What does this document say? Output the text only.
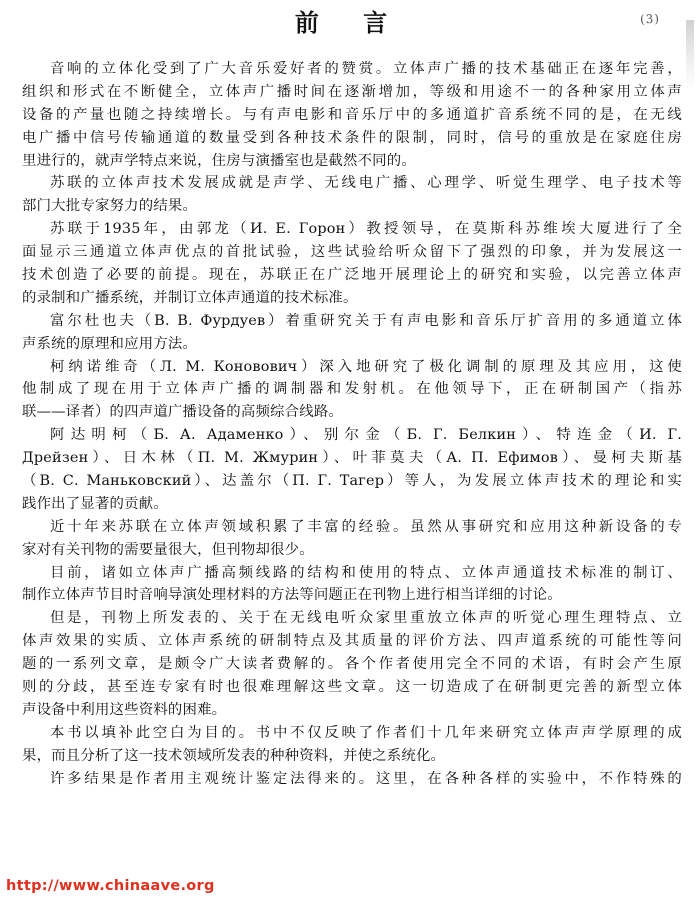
前 言	(3)
音响的立体化受到了广大音乐爱好者的赞赏。立体声广播的技术基础正在逐年完善，
组织和形式在不断健全，立体声广播时间在逐渐增加，等级和用途不一的各种家用立体声
设备的产量也随之持续增长。与有声电影和音乐厅中的多通道扩音系统不同的是，在无线
电广播中信号传输通道的数量受到各种技术条件的限制，同时，信号的重放是在家庭住房
里进行的，就声学特点来说，住房与演播室也是截然不同的。
苏联的立体声技术发展成就是声学、无线电广播、心理学、听觉生理学、电子技术等
部门大批专家努力的结果。
苏联于1935年，由郭龙（И. Е. Горон）教授领导，在莫斯科苏维埃大厦进行了全
面显示三通道立体声优点的首批试验，这些试验给听众留下了强烈的印象，并为发展这一
技术创造了必要的前提。现在，苏联正在广泛地开展理论上的研究和实验，以完善立体声
的录制和广播系统，并制订立体声通道的技术标准。
富尔杜也夫（В. В. Фурдуев）着重研究关于有声电影和音乐厅扩音用的多通道立体
声系统的原理和应用方法。
柯纳诺维奇（Л. М. Коновович）深入地研究了极化调制的原理及其应用，这使
他制成了现在用于立体声广播的调制器和发射机。在他领导下，正在研制国产（指苏
联——译者）的四声道广播设备的高频综合线路。
阿达明柯（Б. А. Адаменко）、别尔金（Б. Г. Белкин）、特连金（И. Г.
Дрейзен）、日木林（П. М. Жмурин）、叶菲莫夫（А. П. Ефимов）、曼柯夫斯基
（В. С. Маньковский）、达盖尔（П. Г. Тагер）等人，为发展立体声技术的理论和实
践作出了显著的贡献。
近十年来苏联在立体声领域积累了丰富的经验。虽然从事研究和应用这种新设备的专
家对有关刊物的需要量很大，但刊物却很少。
目前，诸如立体声广播高频线路的结构和使用的特点、立体声通道技术标准的制订、
制作立体声节目时音响导演处理材料的方法等问题正在刊物上进行相当详细的讨论。
但是，刊物上所发表的、关于在无线电听众家里重放立体声的听觉心理生理特点、立
体声效果的实质、立体声系统的研制特点及其质量的评价方法、四声道系统的可能性等问
题的一系列文章，是颇令广大读者费解的。各个作者使用完全不同的术语，有时会产生原
则的分歧，甚至连专家有时也很难理解这些文章。这一切造成了在研制更完善的新型立体
声设备中利用这些资料的困难。
本书以填补此空白为目的。书中不仅反映了作者们十几年来研究立体声声学原理的成
果，而且分析了这一技术领域所发表的种种资料，并使之系统化。
许多结果是作者用主观统计鉴定法得来的。这里，在各种各样的实验中，不作特殊的
http://www.chinaave.org
